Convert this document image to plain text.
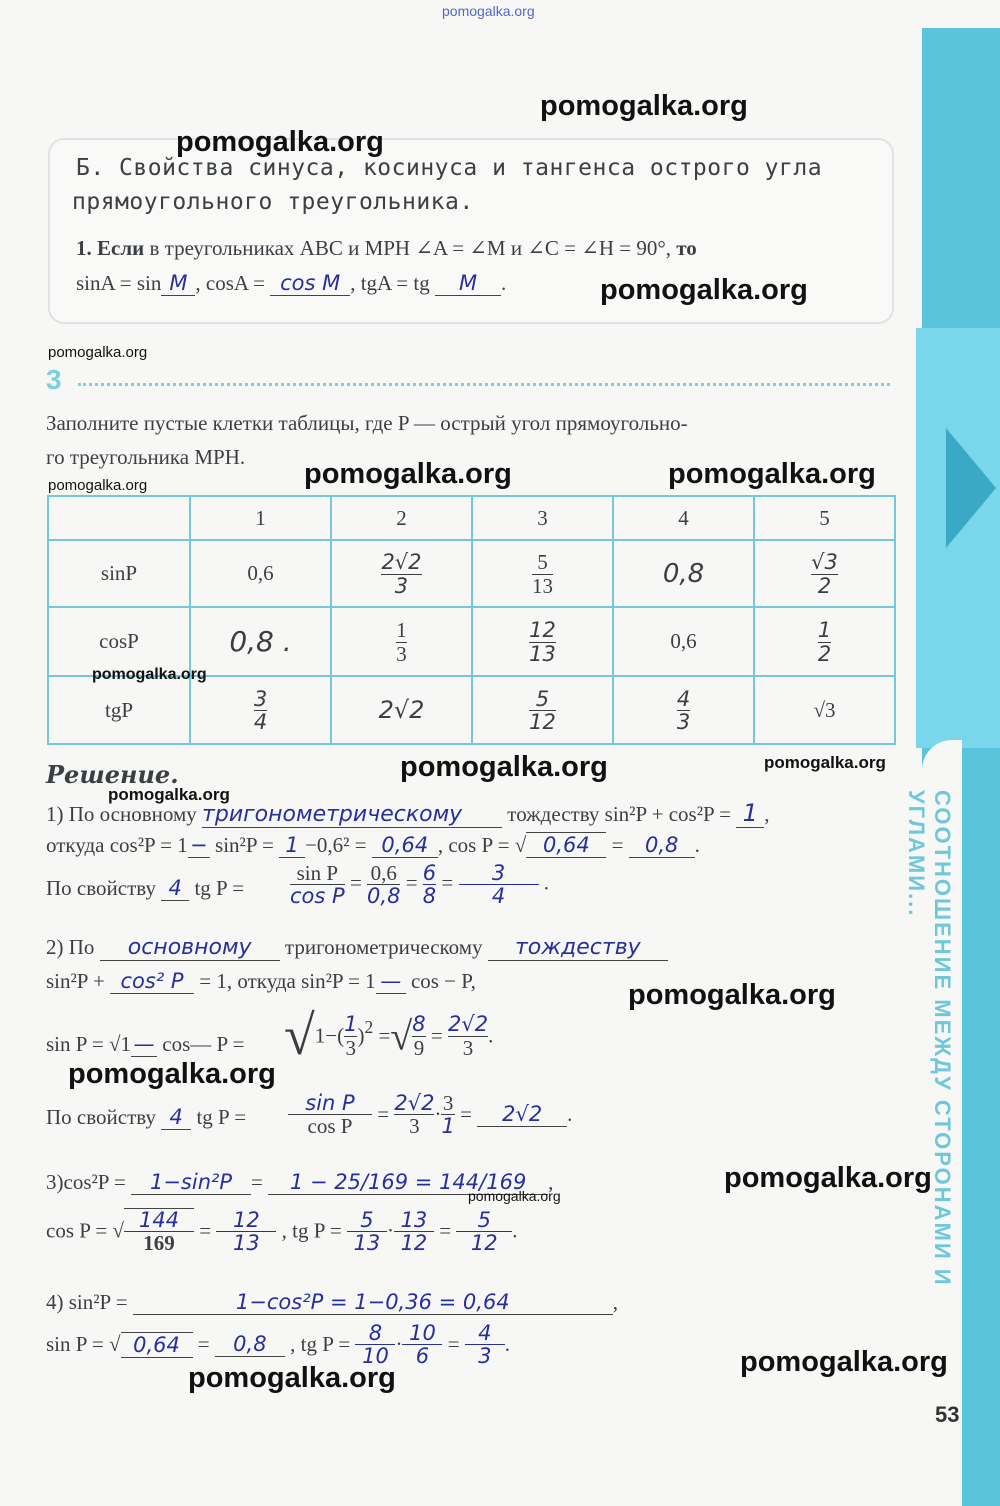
СООТНОШЕНИЕ МЕЖДУ СТОРОНАМИ И УГЛАМИ...
pomogalka.org
Б. Свойства синуса, косинуса и тангенса острого угла
прямоугольного треугольника.
1. Если в треугольниках ABC и MPH ∠A = ∠M и ∠C = ∠H = 90°, то
sinA = sin M , cosA = cos M , tgA = tg M .
3
Заполните пустые клетки таблицы, где P — острый угол прямоугольно-
го треугольника MPH.
	1	2	3	4	5
sinP	0,6	$\frac{2√2}{3}$	$\frac{5}{13}$	0,8	$\frac{√3}{2}$

cosP	0,8 .	$\frac{1}{3}$	$\frac{12}{13}$	0,6	$\frac{1}{2}$

tgP	$\frac{3}{4}$	2√2	$\frac{5}{12}$	$\frac{4}{3}$	√3
Решение.
1) По основному тригонометрическому тождеству sin²P + cos²P = 1 ,
откуда cos²P = 1 − sin²P = 1 −0,6² = 0,64 , cos P = √ 0,64 = 0,8 .
По свойству 4 tg $P = \frac{\text{sin P}}{\text{cos P}} = \frac{0,6}{0,8} = \frac{6}{8} = \frac{3}{4}$ .
2) По основному тригонометрическому тождеству
sin²P + cos² P = 1, откуда sin²P = 1 — cos − P,
sin P = √1 — cos— $P = √1-( \frac{1}{3} )^2$ =√ $\frac{8}{9} = \frac{2√2}{3}$ .
По свойству 4 tg $P = \frac{\text{sin P}}{\text{cos P}} = \frac{2√2}{3} \cdot \frac{3}{1} = 2√2$ .
3)cos²P = 1−sin²P = 1 − 25/169 = 144/169 ,
cos P = √ $\frac{144}{169} = \frac{12}{13}$ , tg $P = \frac{5}{13} \cdot \frac{13}{12} = \frac{5}{12}$ .
4) sin²P =	1−cos²P = 1−0,36 = 0,64	,
sin P = √ 0,64 = 0,8 , tg $P = \frac{8}{10} \cdot \frac{10}{6} = \frac{4}{3}$ .
53
pomogalka.org
pomogalka.org
pomogalka.org
pomogalka.org
pomogalka.org	pomogalka.org
pomogalka.org
pomogalka.org
pomogalka.org	pomogalka.org
pomogalka.org
pomogalka.org
pomogalka.org
pomogalka.org
pomogalka.org
pomogalka.org
pomogalka.org
